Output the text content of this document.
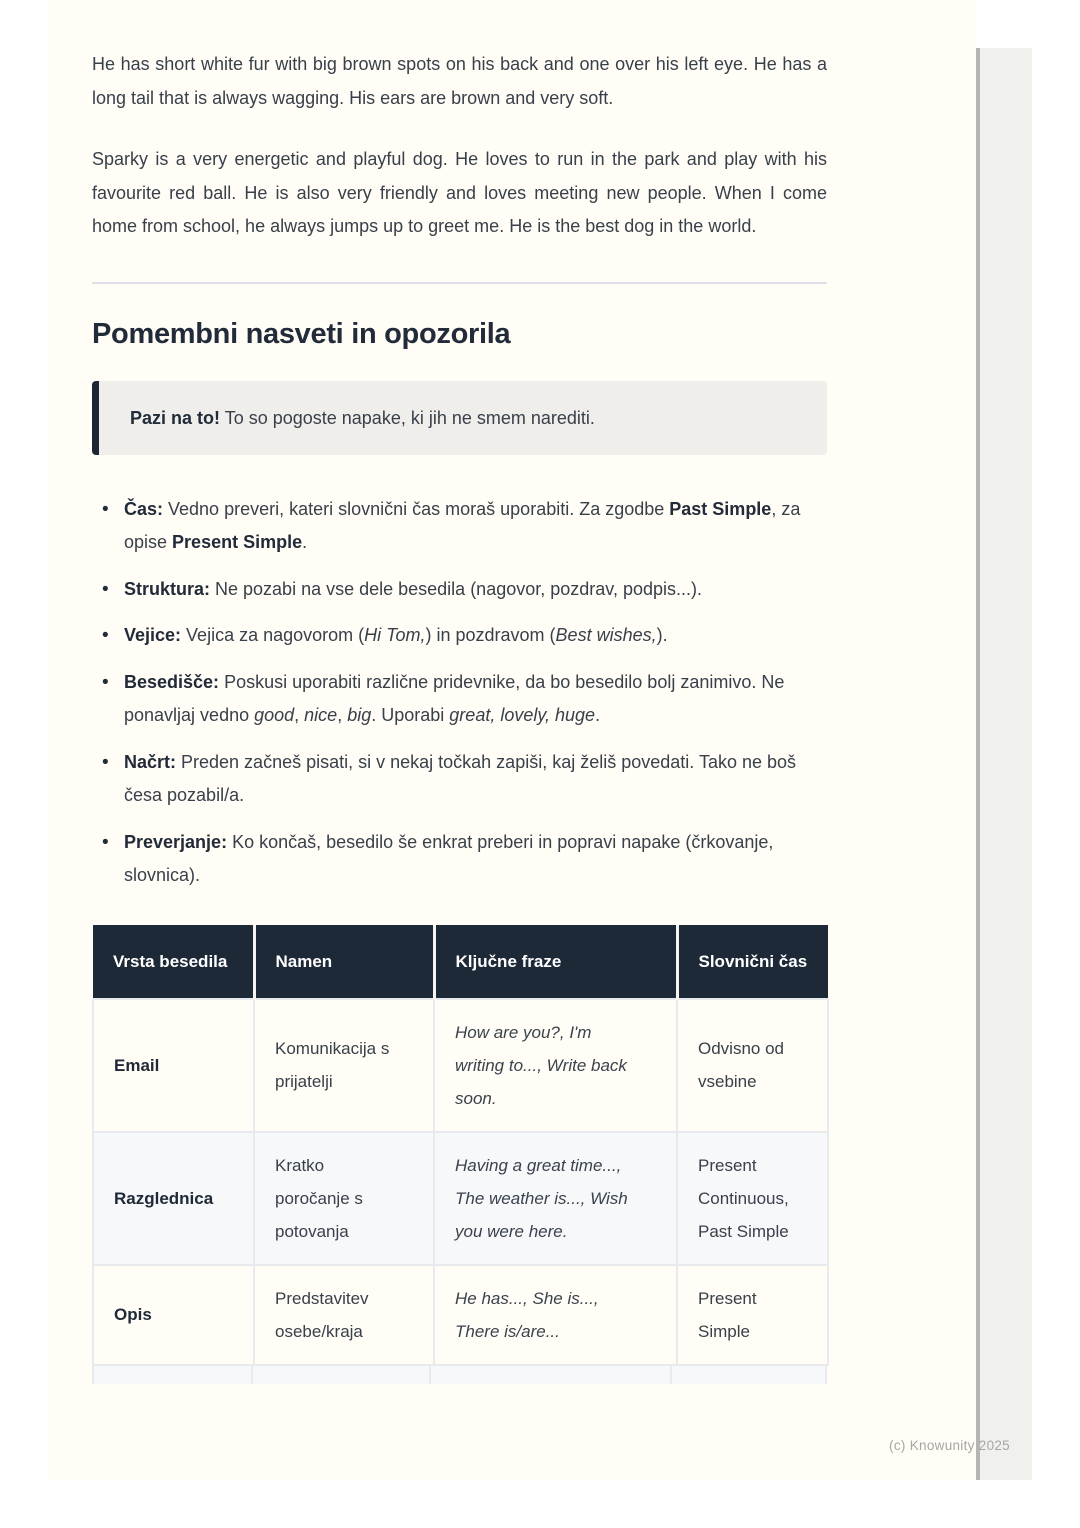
He has short white fur with big brown spots on his back and one over his left eye. He has a long tail that is always wagging. His ears are brown and very soft.

Sparky is a very energetic and playful dog. He loves to run in the park and play with his favourite red ball. He is also very friendly and loves meeting new people. When I come home from school, he always jumps up to greet me. He is the best dog in the world.

Pomembni nasveti in opozorila

Pazi na to! To so pogoste napake, ki jih ne smem narediti.

• Čas: Vedno preveri, kateri slovnični čas moraš uporabiti. Za zgodbe Past Simple, za opise Present Simple.
• Struktura: Ne pozabi na vse dele besedila (nagovor, pozdrav, podpis...).
• Vejice: Vejica za nagovorom (Hi Tom,) in pozdravom (Best wishes,).
• Besedišče: Poskusi uporabiti različne pridevnike, da bo besedilo bolj zanimivo. Ne ponavljaj vedno good, nice, big. Uporabi great, lovely, huge.
• Načrt: Preden začneš pisati, si v nekaj točkah zapiši, kaj želiš povedati. Tako ne boš česa pozabil/a.
• Preverjanje: Ko končaš, besedilo še enkrat preberi in popravi napake (črkovanje, slovnica).
Vrsta besedila	Namen	Ključne fraze	Slovnični čas
Email	Komunikacija s prijatelji	How are you?, I'm writing to..., Write back soon.	Odvisno od vsebine
Razglednica	Kratko poročanje s potovanja	Having a great time..., The weather is..., Wish you were here.	Present Continuous, Past Simple
Opis	Predstavitev osebe/kraja	He has..., She is..., There is/are...	Present Simple
(c) Knowunity 2025
